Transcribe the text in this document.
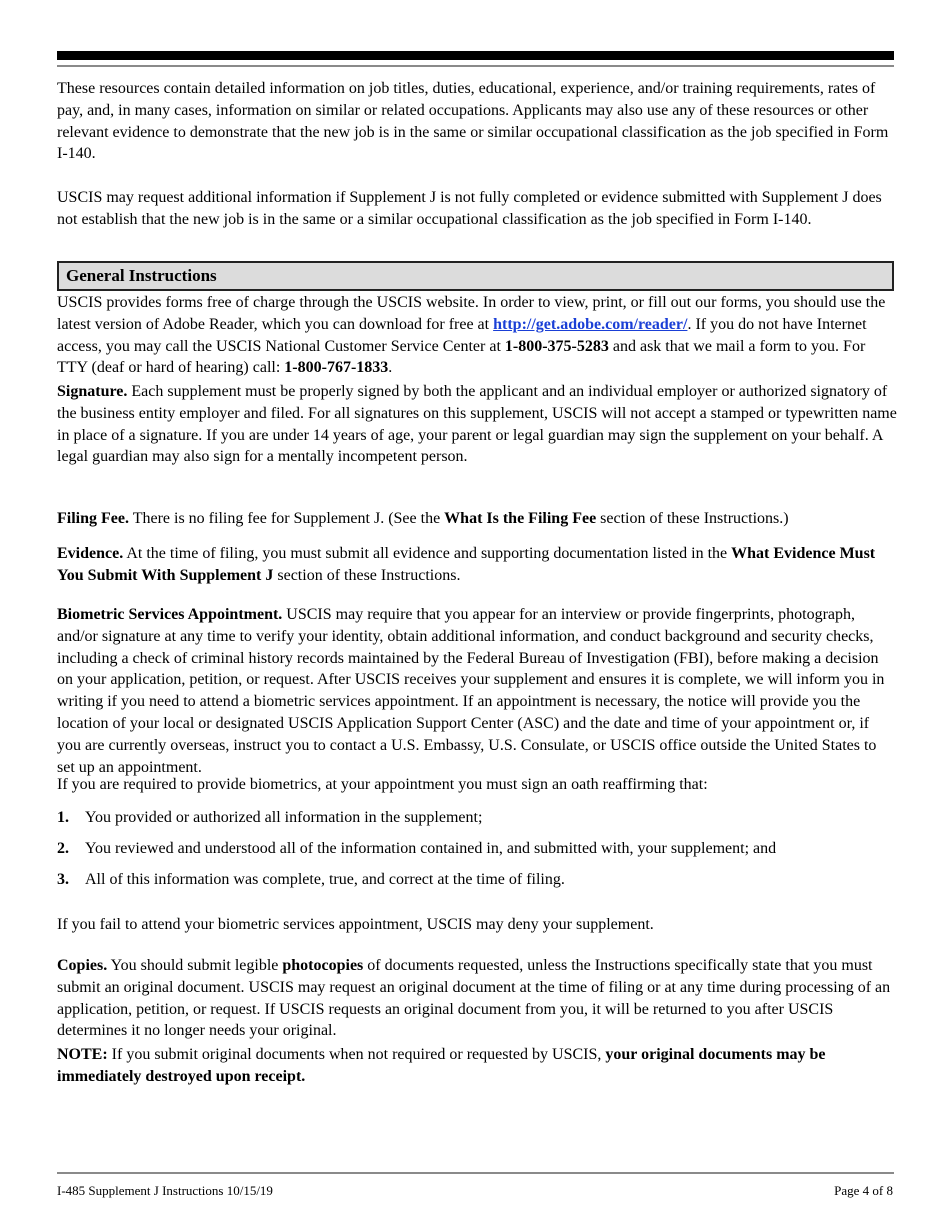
These resources contain detailed information on job titles, duties, educational, experience, and/or training requirements, rates of pay, and, in many cases, information on similar or related occupations. Applicants may also use any of these resources or other relevant evidence to demonstrate that the new job is in the same or similar occupational classification as the job specified in Form I-140.

USCIS may request additional information if Supplement J is not fully completed or evidence submitted with Supplement J does not establish that the new job is in the same or a similar occupational classification as the job specified in Form I-140.

General Instructions

USCIS provides forms free of charge through the USCIS website. In order to view, print, or fill out our forms, you should use the latest version of Adobe Reader, which you can download for free at http://get.adobe.com/reader/. If you do not have Internet access, you may call the USCIS National Customer Service Center at 1-800-375-5283 and ask that we mail a form to you. For TTY (deaf or hard of hearing) call: 1-800-767-1833.

Signature. Each supplement must be properly signed by both the applicant and an individual employer or authorized signatory of the business entity employer and filed. For all signatures on this supplement, USCIS will not accept a stamped or typewritten name in place of a signature. If you are under 14 years of age, your parent or legal guardian may sign the supplement on your behalf. A legal guardian may also sign for a mentally incompetent person.

Filing Fee. There is no filing fee for Supplement J. (See the What Is the Filing Fee section of these Instructions.)

Evidence. At the time of filing, you must submit all evidence and supporting documentation listed in the What Evidence Must You Submit With Supplement J section of these Instructions.

Biometric Services Appointment. USCIS may require that you appear for an interview or provide fingerprints, photograph, and/or signature at any time to verify your identity, obtain additional information, and conduct background and security checks, including a check of criminal history records maintained by the Federal Bureau of Investigation (FBI), before making a decision on your application, petition, or request. After USCIS receives your supplement and ensures it is complete, we will inform you in writing if you need to attend a biometric services appointment. If an appointment is necessary, the notice will provide you the location of your local or designated USCIS Application Support Center (ASC) and the date and time of your appointment or, if you are currently overseas, instruct you to contact a U.S. Embassy, U.S. Consulate, or USCIS office outside the United States to set up an appointment.

If you are required to provide biometrics, at your appointment you must sign an oath reaffirming that:

1. You provided or authorized all information in the supplement;
2. You reviewed and understood all of the information contained in, and submitted with, your supplement; and
3. All of this information was complete, true, and correct at the time of filing.

If you fail to attend your biometric services appointment, USCIS may deny your supplement.

Copies. You should submit legible photocopies of documents requested, unless the Instructions specifically state that you must submit an original document. USCIS may request an original document at the time of filing or at any time during processing of an application, petition, or request. If USCIS requests an original document from you, it will be returned to you after USCIS determines it no longer needs your original.

NOTE: If you submit original documents when not required or requested by USCIS, your original documents may be immediately destroyed upon receipt.

I-485 Supplement J Instructions 10/15/19	Page 4 of 8
